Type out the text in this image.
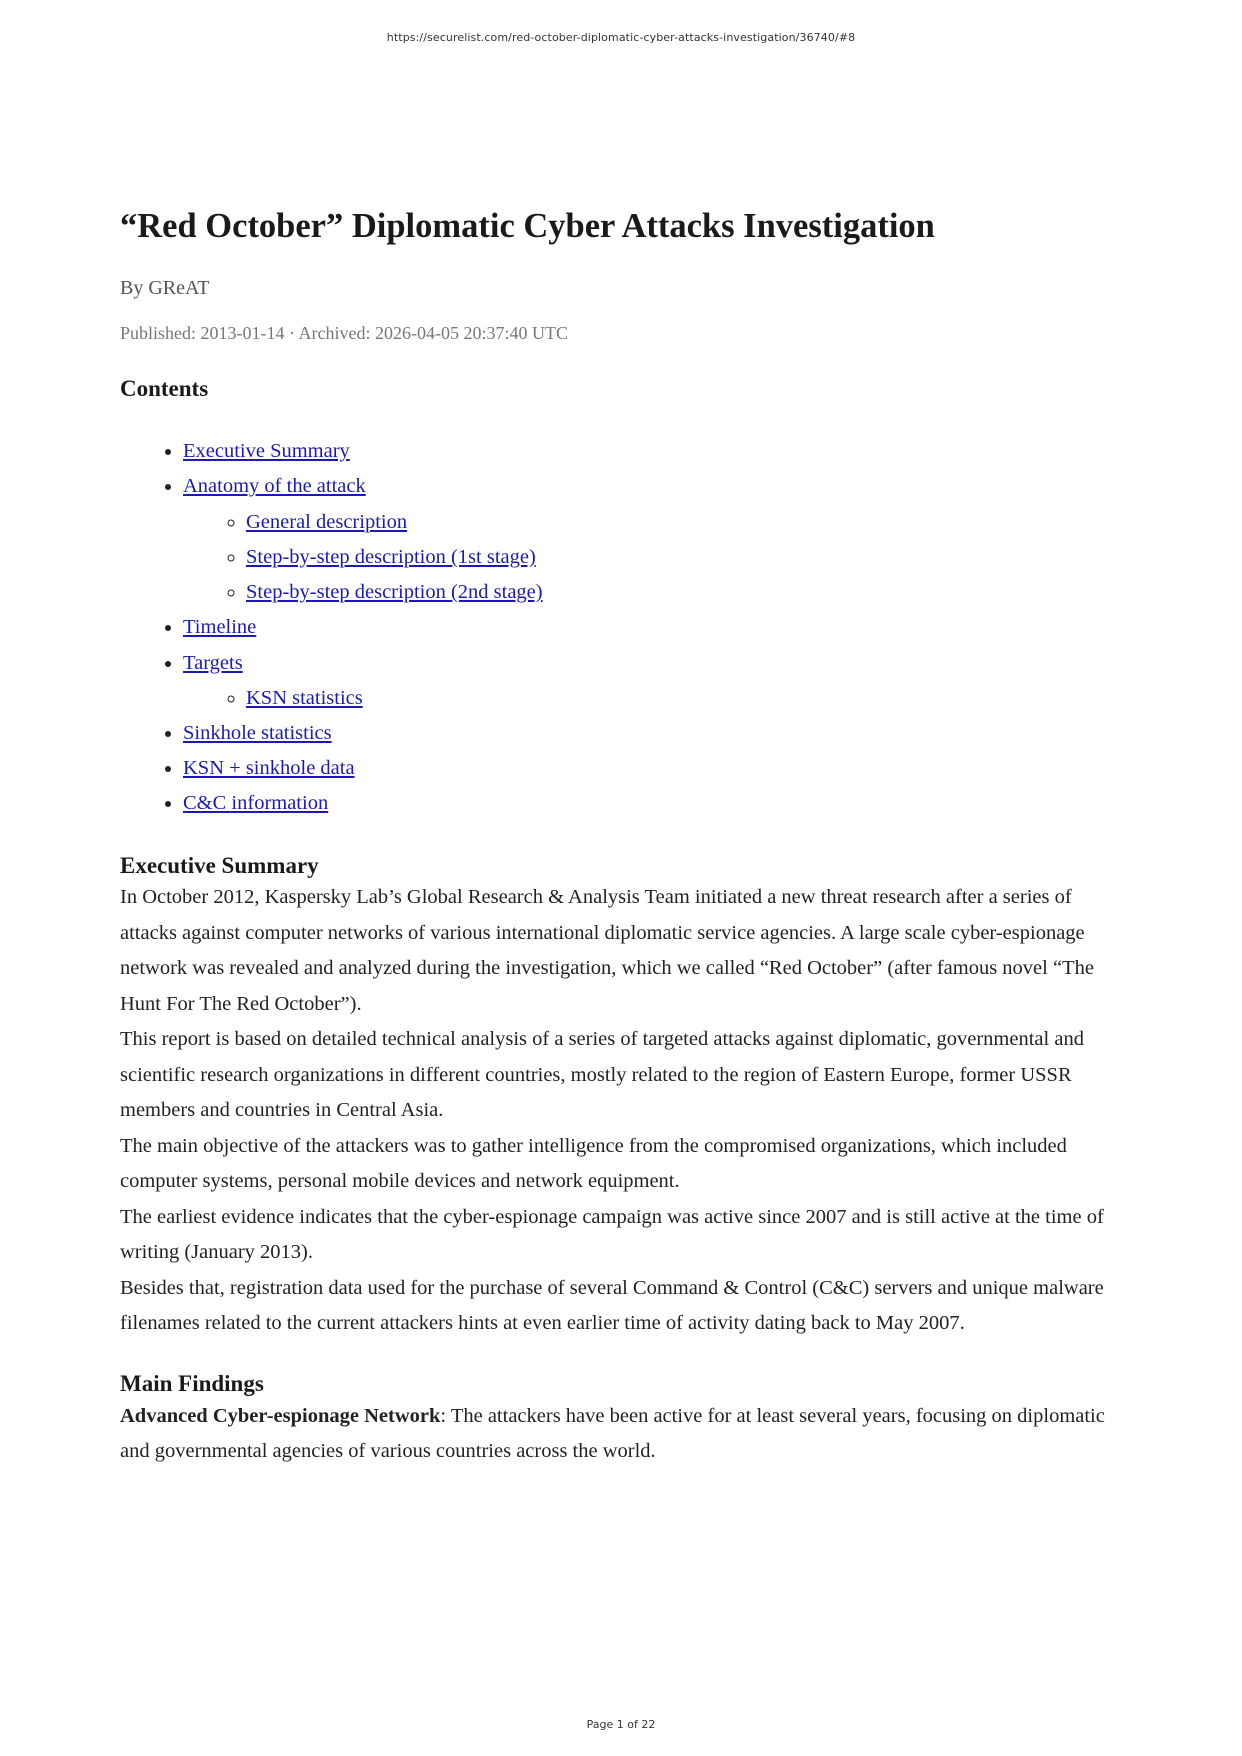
https://securelist.com/red-october-diplomatic-cyber-attacks-investigation/36740/#8
“Red October” Diplomatic Cyber Attacks Investigation
By GReAT
Published: 2013-01-14 · Archived: 2026-04-05 20:37:40 UTC
Contents
• Executive Summary
• Anatomy of the attack
◦ General description
◦ Step-by-step description (1st stage)
◦ Step-by-step description (2nd stage)
• Timeline
• Targets
◦ KSN statistics
• Sinkhole statistics
• KSN + sinkhole data
• C&C information
Executive Summary

In October 2012, Kaspersky Lab’s Global Research & Analysis Team initiated a new threat research after a series of attacks against computer networks of various international diplomatic service agencies. A large scale cyber-espionage network was revealed and analyzed during the investigation, which we called “Red October” (after famous novel “The Hunt For The Red October”).

This report is based on detailed technical analysis of a series of targeted attacks against diplomatic, governmental and scientific research organizations in different countries, mostly related to the region of Eastern Europe, former USSR members and countries in Central Asia.

The main objective of the attackers was to gather intelligence from the compromised organizations, which included computer systems, personal mobile devices and network equipment.

The earliest evidence indicates that the cyber-espionage campaign was active since 2007 and is still active at the time of writing (January 2013).

Besides that, registration data used for the purchase of several Command & Control (C&C) servers and unique malware filenames related to the current attackers hints at even earlier time of activity dating back to May 2007.

Main Findings

Advanced Cyber-espionage Network: The attackers have been active for at least several years, focusing on diplomatic and governmental agencies of various countries across the world.

Page 1 of 22
